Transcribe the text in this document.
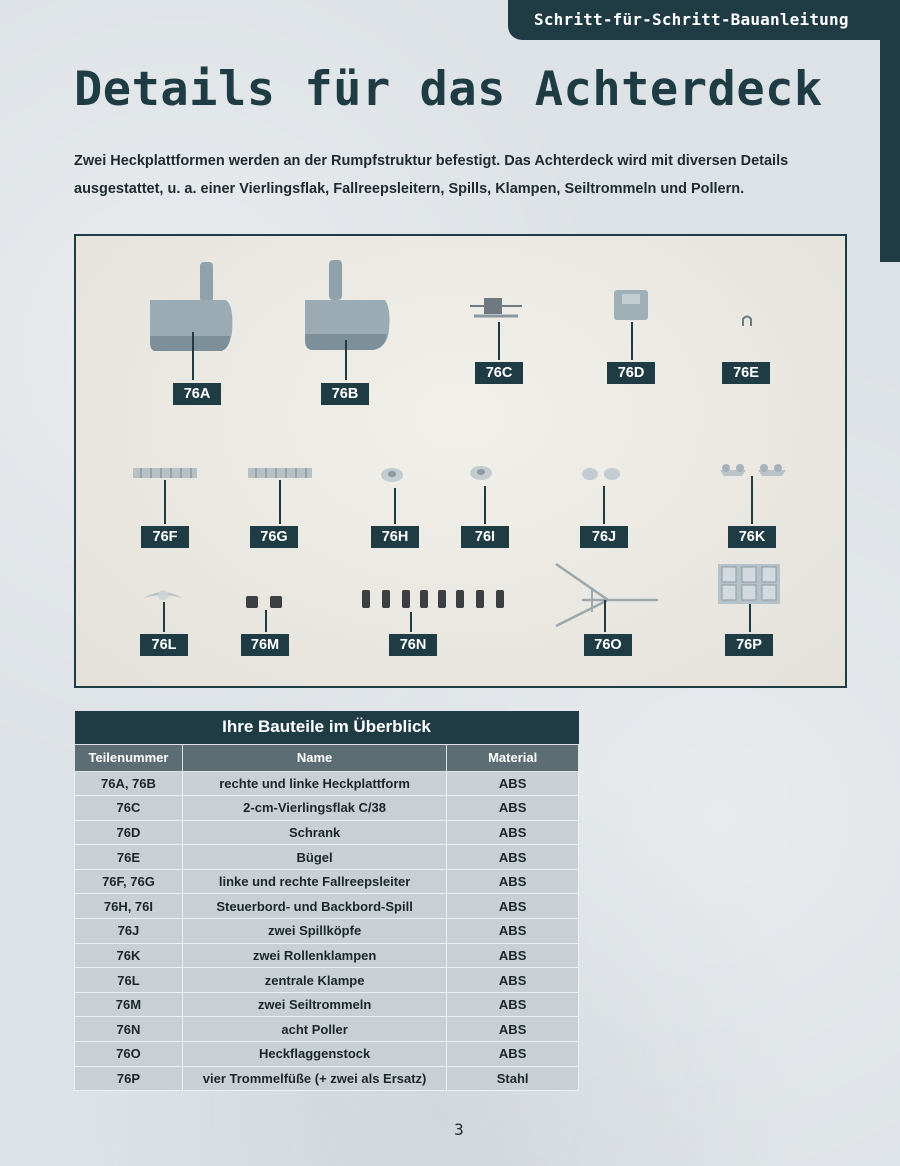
Schritt-für-Schritt-Bauanleitung
Details für das Achterdeck

Zwei Heckplattformen werden an der Rumpfstruktur befestigt. Das Achterdeck wird mit diversen Details ausgestattet, u. a. einer Vierlingsflak, Fallreepsleitern, Spills, Klampen, Seiltrommeln und Pollern.

76A	76B
76C	76D	76E
76F	76G	76H	76I	76J	76K
76L	76M	76N	76O	76P
Ihre Bauteile im Überblick		
Teilenummer	Name	Material
76A, 76B	rechte und linke Heckplattform	ABS
76C	2-cm-Vierlingsflak C/38	ABS
76D	Schrank	ABS
76E	Bügel	ABS
76F, 76G	linke und rechte Fallreepsleiter	ABS
76H, 76I	Steuerbord- und Backbord-Spill	ABS
76J	zwei Spillköpfe	ABS
76K	zwei Rollenklampen	ABS
76L	zentrale Klampe	ABS
76M	zwei Seiltrommeln	ABS
76N	acht Poller	ABS
76O	Heckflaggenstock	ABS
76P	vier Trommelfüße (+ zwei als Ersatz)	Stahl
3
